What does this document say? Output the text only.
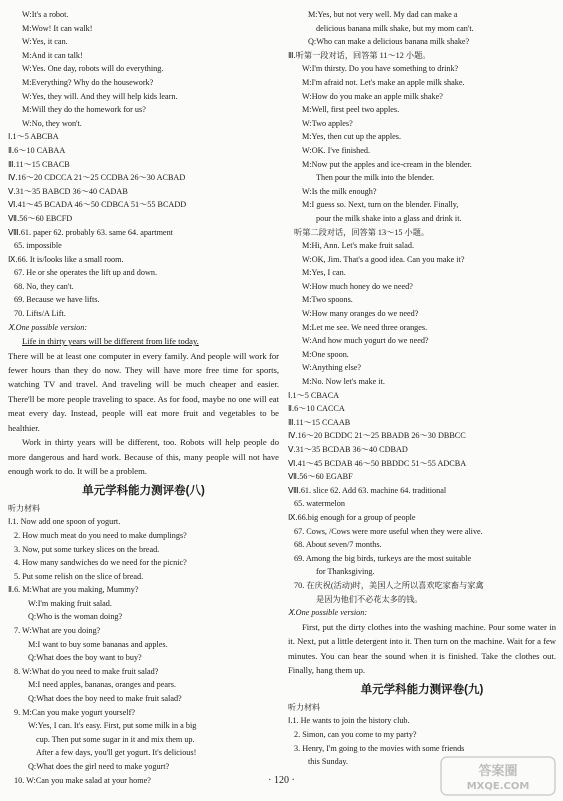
W:It's a robot.
M:Wow! It can walk!
W:Yes, it can.
M:And it can talk!
W:Yes. One day, robots will do everything.
M:Everything? Why do the housework?
W:Yes, they will. And they will help kids learn.
M:Will they do the homework for us?
W:No, they won't.
Ⅰ.1～5 ABCBA
Ⅱ.6～10 CABAA
Ⅲ.11～15 CBACB
Ⅳ.16～20 CDCCA 21～25 CCDBA 26～30 ACBAD
Ⅴ.31～35 BABCD 36～40 CADAB
Ⅵ.41～45 BCADA 46～50 CDBCA 51～55 BCADD
Ⅶ.56～60 EBCFD
Ⅷ.61. paper 62. probably 63. same 64. apartment
65. impossible
Ⅸ.66. It is/looks like a small room.
67. He or she operates the lift up and down.
68. No, they can't.
69. Because we have lifts.
70. Lifts/A Lift.
Ⅹ.One possible version:

Life in thirty years will be different from life today.

There will be at least one computer in every family. And people will work for fewer hours than they do now. They will have more free time for sports, watching TV and travel. And traveling will be much cheaper and easier. There'll be more people traveling to space. As for food, maybe no one will eat meat every day. Instead, people will eat more fruit and vegetables to be healthier.

Work in thirty years will be different, too. Robots will help people do more dangerous and hard work. Because of this, many people will not have enough work to do. It will be a problem.

单元学科能力测评卷(八)
听力材料
Ⅰ.1. Now add one spoon of yogurt.
2. How much meat do you need to make dumplings?
3. Now, put some turkey slices on the bread.
4. How many sandwiches do we need for the picnic?
5. Put some relish on the slice of bread.
Ⅱ.6. M:What are you making, Mummy?
W:I'm making fruit salad.
Q:Who is the woman doing?
7. W:What are you doing?
M:I want to buy some bananas and apples.
Q:What does the boy want to buy?
8. W:What do you need to make fruit salad?
M:I need apples, bananas, oranges and pears.
Q:What does the boy need to make fruit salad?
9. M:Can you make yogurt yourself?
W:Yes, I can. It's easy. First, put some milk in a big
cup. Then put some sugar in it and mix them up.
After a few days, you'll get yogurt. It's delicious!
Q:What does the girl need to make yogurt?
10. W:Can you make salad at your home?
M:Yes, but not very well. My dad can make a
delicious banana milk shake, but my mom can't.
Q:Who can make a delicious banana milk shake?
Ⅲ.听第一段对话，回答第 11～12 小题。
W:I'm thirsty. Do you have something to drink?
M:I'm afraid not. Let's make an apple milk shake.
W:How do you make an apple milk shake?
M:Well, first peel two apples.
W:Two apples?
M:Yes, then cut up the apples.
W:OK. I've finished.
M:Now put the apples and ice-cream in the blender.
Then pour the milk into the blender.
W:Is the milk enough?
M:I guess so. Next, turn on the blender. Finally,
pour the milk shake into a glass and drink it.
听第二段对话，回答第 13～15 小题。
M:Hi, Ann. Let's make fruit salad.
W:OK, Jim. That's a good idea. Can you make it?
M:Yes, I can.
W:How much honey do we need?
M:Two spoons.
W:How many oranges do we need?
M:Let me see. We need three oranges.
W:And how much yogurt do we need?
M:One spoon.
W:Anything else?
M:No. Now let's make it.
Ⅰ.1～5 CBACA
Ⅱ.6～10 CACCA
Ⅲ.11～15 CCAAB
Ⅳ.16～20 BCDDC 21～25 BBADB 26～30 DBBCC
Ⅴ.31～35 BCDAB 36～40 CDBAD
Ⅵ.41～45 BCDAB 46～50 BBDDC 51～55 ADCBA
Ⅶ.56～60 EGABF
Ⅷ.61. slice 62. Add 63. machine 64. traditional
65. watermelon
Ⅸ.66.big enough for a group of people
67. Cows, /Cows were more useful when they were alive.
68. About seven/7 months.
69. Among the big birds, turkeys are the most suitable
for Thanksgiving.
70. 在庆祝(活动)时，美国人之所以喜欢吃家畜与家禽
是因为他们不必花太多的钱。
Ⅹ.One possible version:

First, put the dirty clothes into the washing machine. Pour some water in it. Next, put a little detergent into it. Then turn on the machine. Wait for a few minutes. You can hear the sound when it is finished. Take the clothes out. Finally, hang them up.

单元学科能力测评卷(九)
听力材料
Ⅰ.1. He wants to join the history club.
2. Simon, can you come to my party?
3. Henry, I'm going to the movies with some friends
this Sunday.
· 120 ·
答案圈
MXQE.COM
